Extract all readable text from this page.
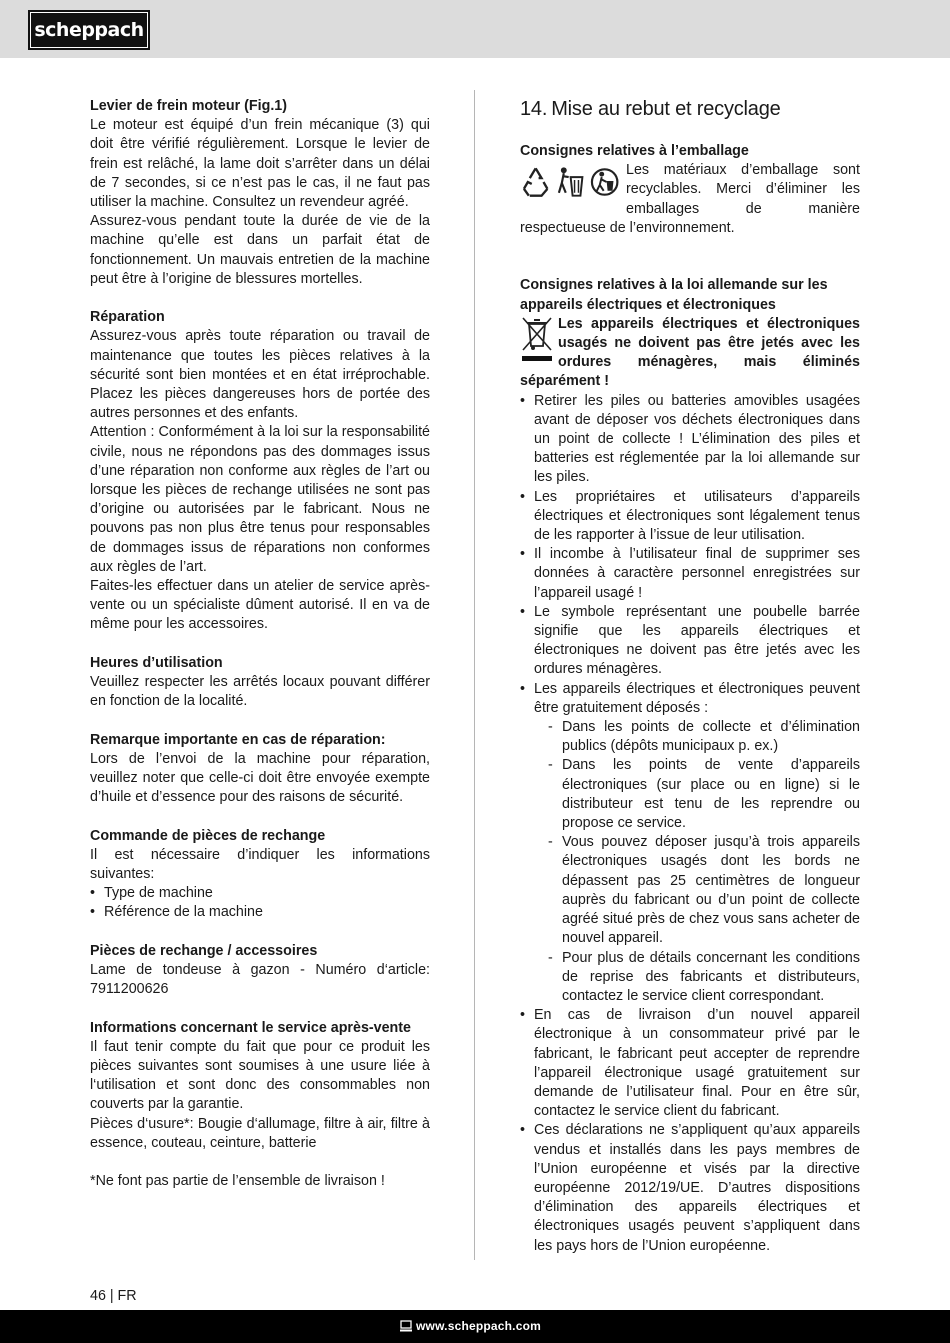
scheppach
Levier de frein moteur (Fig.1)

Le moteur est équipé d’un frein mécanique (3) qui doit être vérifié régulièrement. Lorsque le levier de frein est relâché, la lame doit s’arrêter dans un délai de 7 secondes, si ce n’est pas le cas, il ne faut pas utiliser la machine. Consultez un revendeur agréé.

Assurez-vous pendant toute la durée de vie de la machine qu’elle est dans un parfait état de fonctionnement. Un mauvais entretien de la machine peut être à l’origine de blessures mortelles.

Réparation

Assurez-vous après toute réparation ou travail de maintenance que toutes les pièces relatives à la sécurité sont bien montées et en état irréprochable. Placez les pièces dangereuses hors de portée des autres personnes et des enfants.

Attention : Conformément à la loi sur la responsabilité civile, nous ne répondons pas des dommages issus d’une réparation non conforme aux règles de l’art ou lorsque les pièces de rechange utilisées ne sont pas d’origine ou autorisées par le fabricant. Nous ne pouvons pas non plus être tenus pour responsables de dommages issus de réparations non conformes aux règles de l’art.

Faites-les effectuer dans un atelier de service après-vente ou un spécialiste dûment autorisé. Il en va de même pour les accessoires.

Heures d’utilisation

Veuillez respecter les arrêtés locaux pouvant différer en fonction de la localité.

Remarque importante en cas de réparation:

Lors de l’envoi de la machine pour réparation, veuillez noter que celle-ci doit être envoyée exempte d’huile et d’essence pour des raisons de sécurité.

Commande de pièces de rechange

Il est nécessaire d’indiquer les informations suivantes:

• Type de machine
• Référence de la machine
Pièces de rechange / accessoires

Lame de tondeuse à gazon - Numéro d‘article: 7911200626

Informations concernant le service après-vente

Il faut tenir compte du fait que pour ce produit les pièces suivantes sont soumises à une usure liée à l‘utilisation et sont donc des consommables non couverts par la garantie.

Pièces d‘usure*: Bougie d‘allumage, filtre à air, filtre à essence, couteau, ceinture, batterie

*Ne font pas partie de l’ensemble de livraison !

14. Mise au rebut et recyclage
Consignes relatives à l’emballage

Les matériaux d’emballage sont recyclables. Merci d’éliminer les emballages de manière respectueuse de l’environnement.

Consignes relatives à la loi allemande sur les appareils électriques et électroniques
Les appareils électriques et électroniques usagés ne doivent pas être jetés avec les ordures ménagères, mais éliminés séparément !
• Retirer les piles ou batteries amovibles usagées avant de déposer vos déchets électroniques dans un point de collecte ! L’élimination des piles et batteries est réglementée par la loi allemande sur les piles.
• Les propriétaires et utilisateurs d’appareils électriques et électroniques sont légalement tenus de les rapporter à l’issue de leur utilisation.
• Il incombe à l’utilisateur final de supprimer ses données à caractère personnel enregistrées sur l’appareil usagé !
• Le symbole représentant une poubelle barrée signifie que les appareils électriques et électroniques ne doivent pas être jetés avec les ordures ménagères.
• Les appareils électriques et électroniques peuvent être gratuitement déposés :
- Dans les points de collecte et d’élimination publics (dépôts municipaux p. ex.)
- Dans les points de vente d’appareils électroniques (sur place ou en ligne) si le distributeur est tenu de les reprendre ou propose ce service.
- Vous pouvez déposer jusqu’à trois appareils électroniques usagés dont les bords ne dépassent pas 25 centimètres de longueur auprès du fabricant ou d’un point de collecte agréé situé près de chez vous sans acheter de nouvel appareil.
- Pour plus de détails concernant les conditions de reprise des fabricants et distributeurs, contactez le service client correspondant.
• En cas de livraison d’un nouvel appareil électronique à un consommateur privé par le fabricant, le fabricant peut accepter de reprendre l’appareil électronique usagé gratuitement sur demande de l’utilisateur final. Pour en être sûr, contactez le service client du fabricant.
• Ces déclarations ne s’appliquent qu’aux appareils vendus et installés dans les pays membres de l’Union européenne et visés par la directive européenne 2012/19/UE. D’autres dispositions d’élimination des appareils électriques et électroniques usagés peuvent s’appliquent dans les pays hors de l’Union européenne.
46 | FR
www.scheppach.com
